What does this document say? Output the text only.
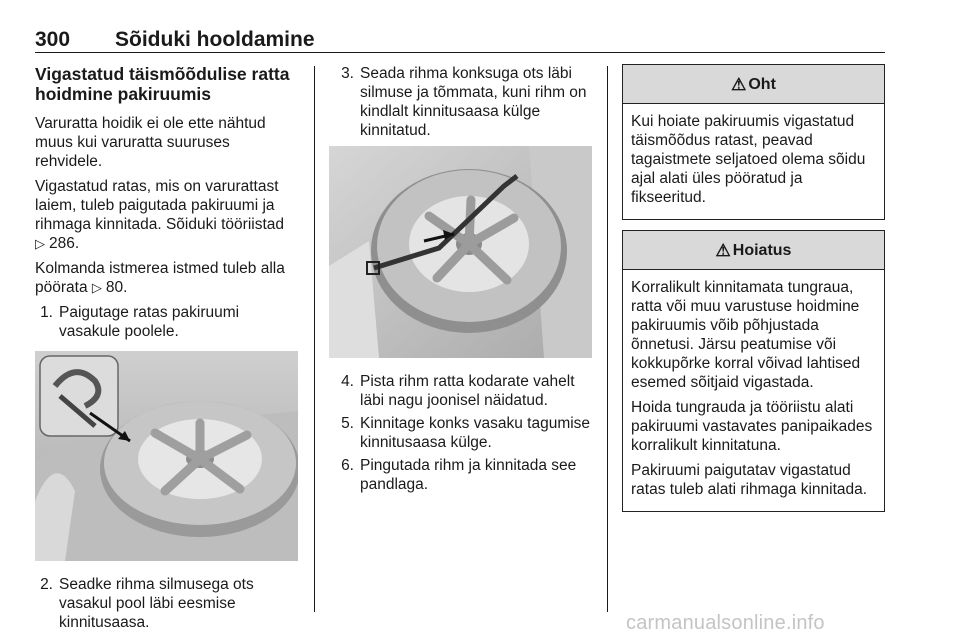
300 Sõiduki hooldamine
Vigastatud täismõõdulise ratta hoidmine pakiruumis

Varuratta hoidik ei ole ette nähtud muus kui varuratta suuruses rehvidele.

Vigastatud ratas, mis on varurattast laiem, tuleb paigutada pakiruumi ja rihmaga kinnitada. Sõiduki tööriistad
▷ 286.

Kolmanda istmerea istmed tuleb alla pöörata ▷ 80.

1. Paigutage ratas pakiruumi vasakule poolele.
2. Seadke rihma silmusega ots vasakul pool läbi eesmise kinnitusaasa.
3. Seada rihma konksuga ots läbi silmuse ja tõmmata, kuni rihm on kindlalt kinnitusaasa külge kinnitatud.
4. Pista rihm ratta kodarate vahelt läbi nagu joonisel näidatud.
5. Kinnitage konks vasaku tagumise kinnitusaasa külge.
6. Pingutada rihm ja kinnitada see pandlaga.
⚠ Oht

Kui hoiate pakiruumis vigastatud täismõõdus ratast, peavad tagaistmete seljatoed olema sõidu ajal alati üles pööratud ja fikseeritud.

⚠ Hoiatus

Korralikult kinnitamata tungraua, ratta või muu varustuse hoidmine pakiruumis võib põhjustada õnnetusi. Järsu peatumise või kokkupõrke korral võivad lahtised esemed sõitjaid vigastada.

Hoida tungrauda ja tööriistu alati pakiruumi vastavates panipaikades korralikult kinnitatuna.

Pakiruumi paigutatav vigastatud ratas tuleb alati rihmaga kinnitada.

carmanualsonline.info
